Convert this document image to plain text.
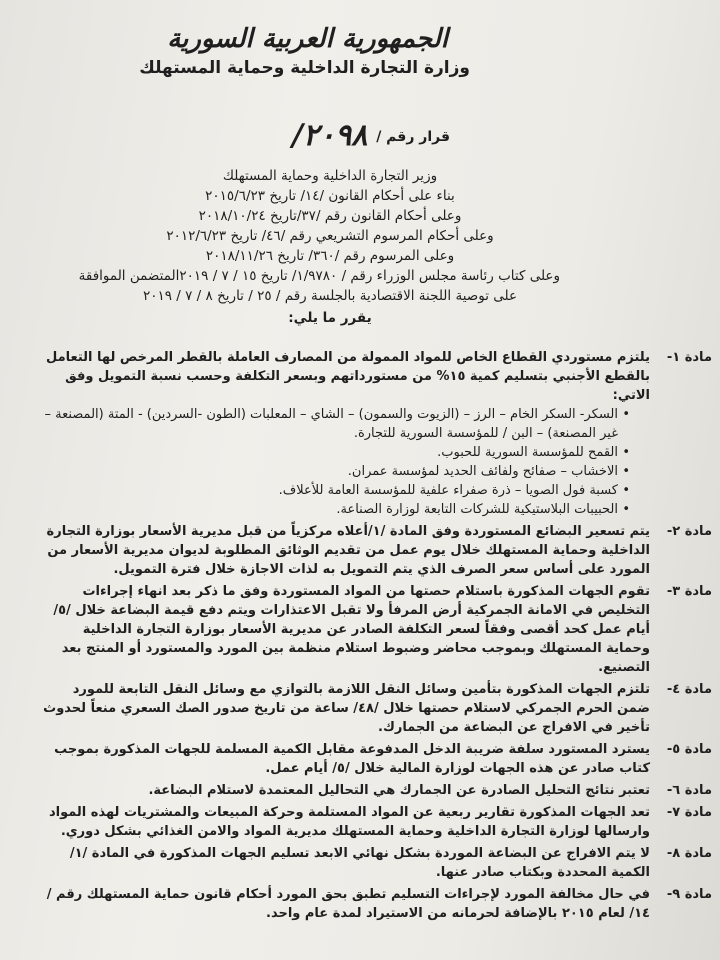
الجمهورية العربية السورية
وزارة التجارة الداخلية وحماية المستهلك
قرار رقم / ٢٠٩٨/
وزير التجارة الداخلية وحماية المستهلك
بناء على أحكام القانون /١٤/ تاريخ ٢٠١٥/٦/٢٣
وعلى أحكام القانون رقم /٣٧/تاريخ ٢٠١٨/١٠/٢٤
وعلى أحكام المرسوم التشريعي رقم /٤٦/ تاريخ ٢٠١٢/٦/٢٣
وعلى المرسوم رقم /٣٦٠/ تاريخ ٢٠١٨/١١/٢٦
وعلى كتاب رئاسة مجلس الوزراء رقم / ١/٩٧٨٠/ تاريخ ١٥ / ٧ / ٢٠١٩المتضمن الموافقة
على توصية اللجنة الاقتصادية بالجلسة رقم / ٢٥ / تاريخ ٨ / ٧ / ٢٠١٩
يقرر ما يلي:
مادة ١-
يلتزم مستوردي القطاع الخاص للمواد الممولة من المصارف العاملة بالقطر المرخص لها التعامل بالقطع الأجنبي بتسليم كمية ١٥% من مستورداتهم وبسعر التكلفة وحسب نسبة التمويل وفق الاتي:
• السكر- السكر الخام – الرز – (الزيوت والسمون) – الشاي – المعلبات (الطون -السردين) - المتة (المصنعة – غير المصنعة) – البن / للمؤسسة السورية للتجارة.
• القمح للمؤسسة السورية للحبوب.
• الاخشاب – صفائح ولفائف الحديد لمؤسسة عمران.
• كسبة فول الصويا – ذرة صفراء علفية للمؤسسة العامة للأعلاف.
• الحبيبات البلاستيكية للشركات التابعة لوزارة الصناعة.
مادة ٢-
يتم تسعير البضائع المستوردة وفق المادة /١/أعلاه مركزياً من قبل مديرية الأسعار بوزارة التجارة الداخلية وحماية المستهلك خلال يوم عمل من تقديم الوثائق المطلوبة لديوان مديرية الأسعار من المورد على أساس سعر الصرف الذي يتم التمويل به لذات الاجازة خلال فترة التمويل.
مادة ٣-
تقوم الجهات المذكورة باستلام حصتها من المواد المستوردة وفق ما ذكر بعد انهاء إجراءات التخليص في الامانة الجمركية أرض المرفأ ولا تقبل الاعتذارات ويتم دفع قيمة البضاعة خلال /٥/ أيام عمل كحد أقصى وفقاً لسعر التكلفة الصادر عن مديرية الأسعار بوزارة التجارة الداخلية وحماية المستهلك وبموجب محاضر وضبوط استلام منظمة بين المورد والمستورد أو المنتج بعد التصنيع.
مادة ٤-
تلتزم الجهات المذكورة بتأمين وسائل النقل اللازمة بالتوازي مع وسائل النقل التابعة للمورد ضمن الحرم الجمركي لاستلام حصتها خلال /٤٨/ ساعة من تاريخ صدور الصك السعري منعاً لحدوث تأخير في الافراج عن البضاعة من الجمارك.
مادة ٥-
يسترد المستورد سلفة ضريبة الدخل المدفوعة مقابل الكمية المسلمة للجهات المذكورة بموجب كتاب صادر عن هذه الجهات لوزارة المالية خلال /٥/ أيام عمل.
مادة ٦-
تعتبر نتائج التحليل الصادرة عن الجمارك هي التحاليل المعتمدة لاستلام البضاعة.
مادة ٧-
تعد الجهات المذكورة تقارير ربعية عن المواد المستلمة وحركة المبيعات والمشتريات لهذه المواد وارسالها لوزارة التجارة الداخلية وحماية المستهلك مديرية المواد والامن الغذائي بشكل دوري.
مادة ٨-
لا يتم الافراج عن البضاعة الموردة بشكل نهائي الابعد تسليم الجهات المذكورة في المادة /١/ الكمية المحددة وبكتاب صادر عنها.
مادة ٩-
في حال مخالفة المورد لإجراءات التسليم تطبق بحق المورد أحكام قانون حماية المستهلك رقم /١٤/ لعام ٢٠١٥ بالإضافة لحرمانه من الاستيراد لمدة عام واحد.
